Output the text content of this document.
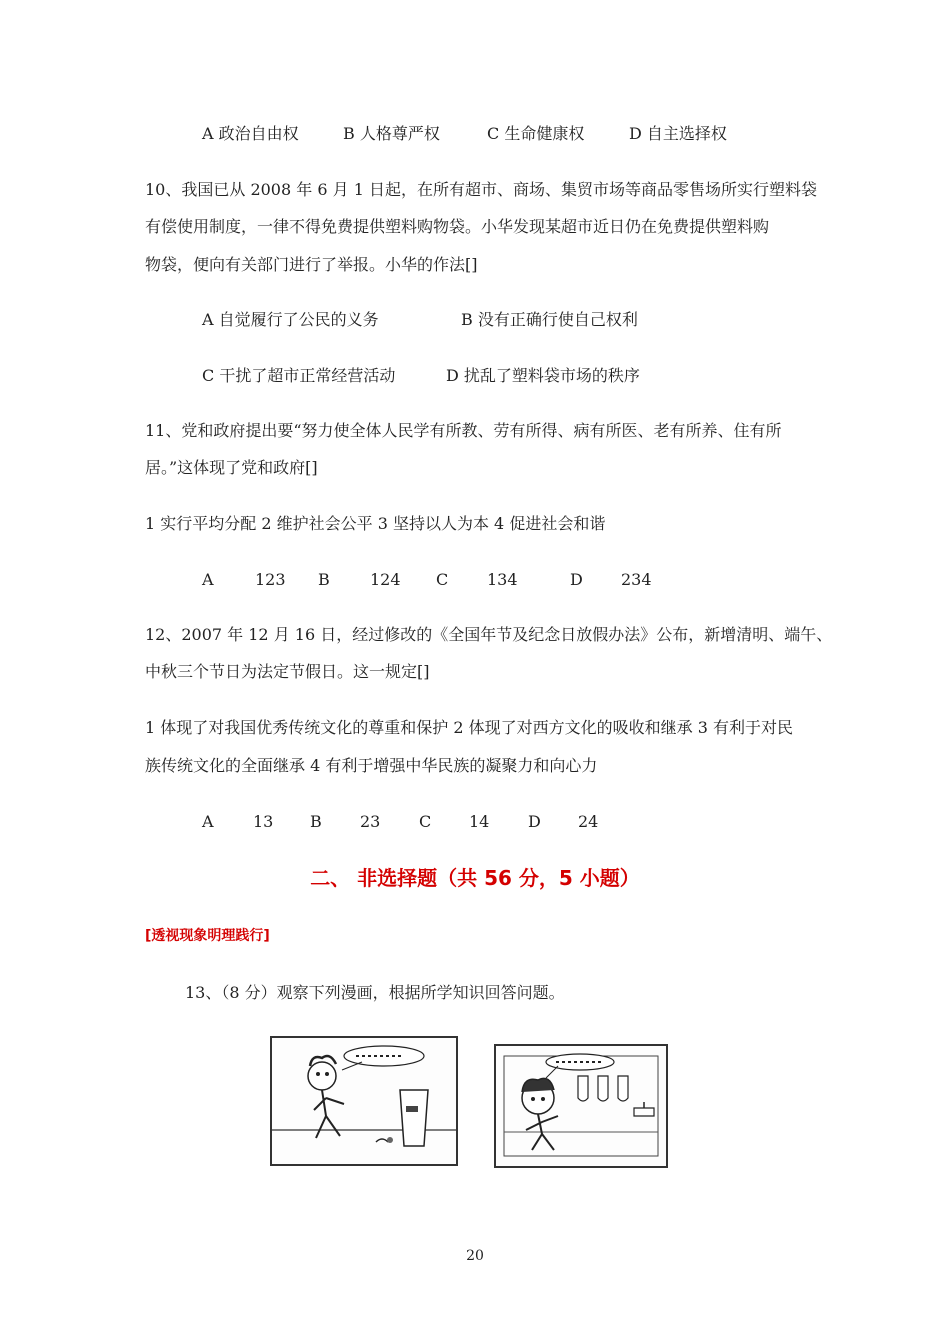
A 政治自由权	B 人格尊严权	C 生命健康权	D 自主选择权
10、我国已从 2008 年 6 月 1 日起，在所有超市、商场、集贸市场等商品零售场所实行塑料袋
有偿使用制度，一律不得免费提供塑料购物袋。小华发现某超市近日仍在免费提供塑料购
物袋，便向有关部门进行了举报。小华的作法[]
A 自觉履行了公民的义务	B 没有正确行使自己权利
C 干扰了超市正常经营活动	D 扰乱了塑料袋市场的秩序
11、党和政府提出要“努力使全体人民学有所教、劳有所得、病有所医、老有所养、住有所
居。”这体现了党和政府[]
1 实行平均分配 2 维护社会公平 3 坚持以人为本 4 促进社会和谐
A	123 B	124 C 134	D 234
12、2007 年 12 月 16 日，经过修改的《全国年节及纪念日放假办法》公布，新增清明、端午、
中秋三个节日为法定节假日。这一规定[]
1 体现了对我国优秀传统文化的尊重和保护 2 体现了对西方文化的吸收和继承 3 有利于对民
族传统文化的全面继承 4 有利于增强中华民族的凝聚力和向心力
A 13 B 23 C 14 D 24
二、 非选择题（共 56 分，5 小题）
[透视现象明理践行]
13、（8 分）观察下列漫画，根据所学知识回答问题。
20
